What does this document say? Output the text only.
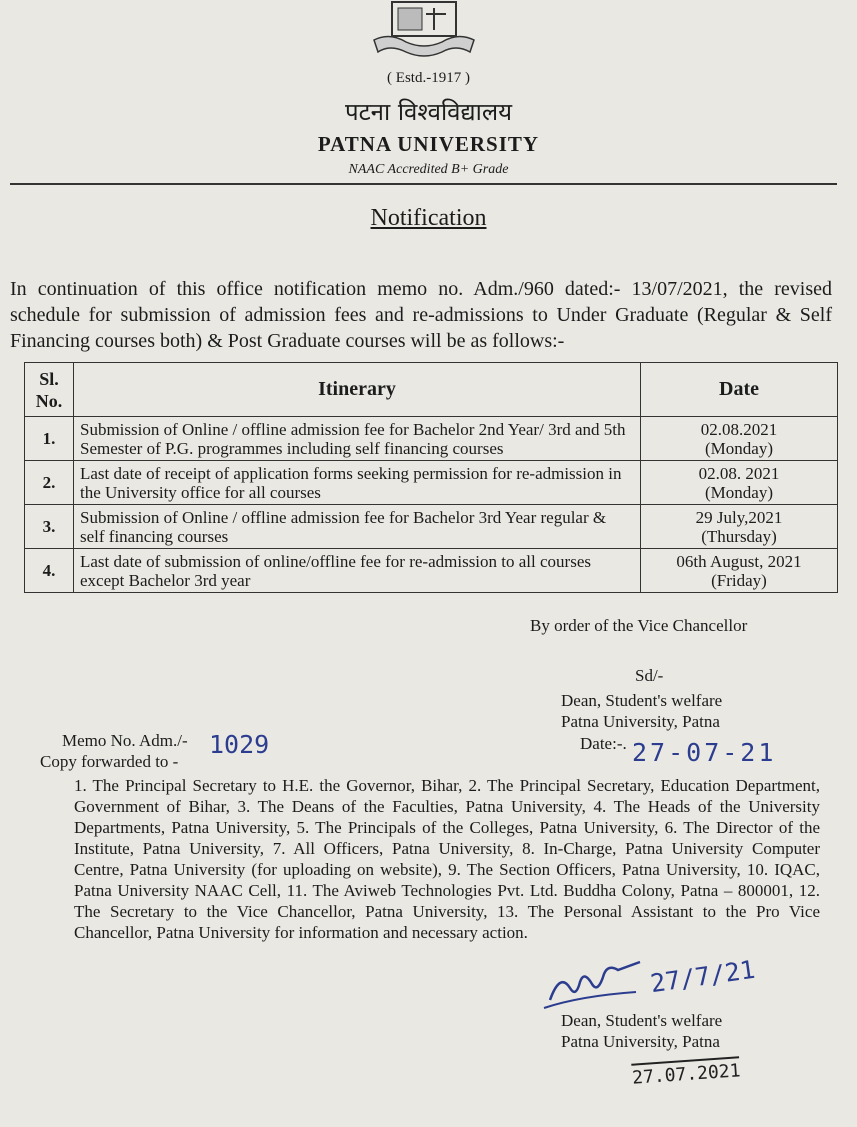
( Estd.-1917 )
पटना विश्वविद्यालय
PATNA UNIVERSITY
NAAC Accredited B+ Grade
Notification
In continuation of this office notification memo no. Adm./960 dated:- 13/07/2021, the revised schedule for submission of admission fees and re-admissions to Under Graduate (Regular & Self Financing courses both) & Post Graduate courses will be as follows:-
Sl. No.	Itinerary	Date
1.	Submission of Online / offline admission fee for Bachelor 2nd Year/ 3rd and 5th Semester of P.G. programmes including self financing courses	02.08.2021
(Monday)
2.	Last date of receipt of application forms seeking permission for re-admission in the University office for all courses	02.08. 2021
(Monday)
3.	Submission of Online / offline admission fee for Bachelor 3rd Year regular & self financing courses	29 July,2021
(Thursday)
4.	Last date of submission of online/offline fee for re-admission to all courses except Bachelor 3rd year	06th August, 2021
(Friday)
By order of the Vice Chancellor
Sd/-
Dean, Student's welfare
Patna University, Patna
Date:-. 27-07-21
Memo No. Adm./- 1029
Copy forwarded to -
1. The Principal Secretary to H.E. the Governor, Bihar, 2. The Principal Secretary, Education Department, Government of Bihar, 3. The Deans of the Faculties, Patna University, 4. The Heads of the University Departments, Patna University, 5. The Principals of the Colleges, Patna University, 6. The Director of the Institute, Patna University, 7. All Officers, Patna University, 8. In-Charge, Patna University Computer Centre, Patna University (for uploading on website), 9. The Section Officers, Patna University, 10. IQAC, Patna University NAAC Cell, 11. The Aviweb Technologies Pvt. Ltd. Buddha Colony, Patna – 800001, 12. The Secretary to the Vice Chancellor, Patna University, 13. The Personal Assistant to the Pro Vice Chancellor, Patna University for information and necessary action.
27/7/21
Dean, Student's welfare
Patna University, Patna
27.07.2021
